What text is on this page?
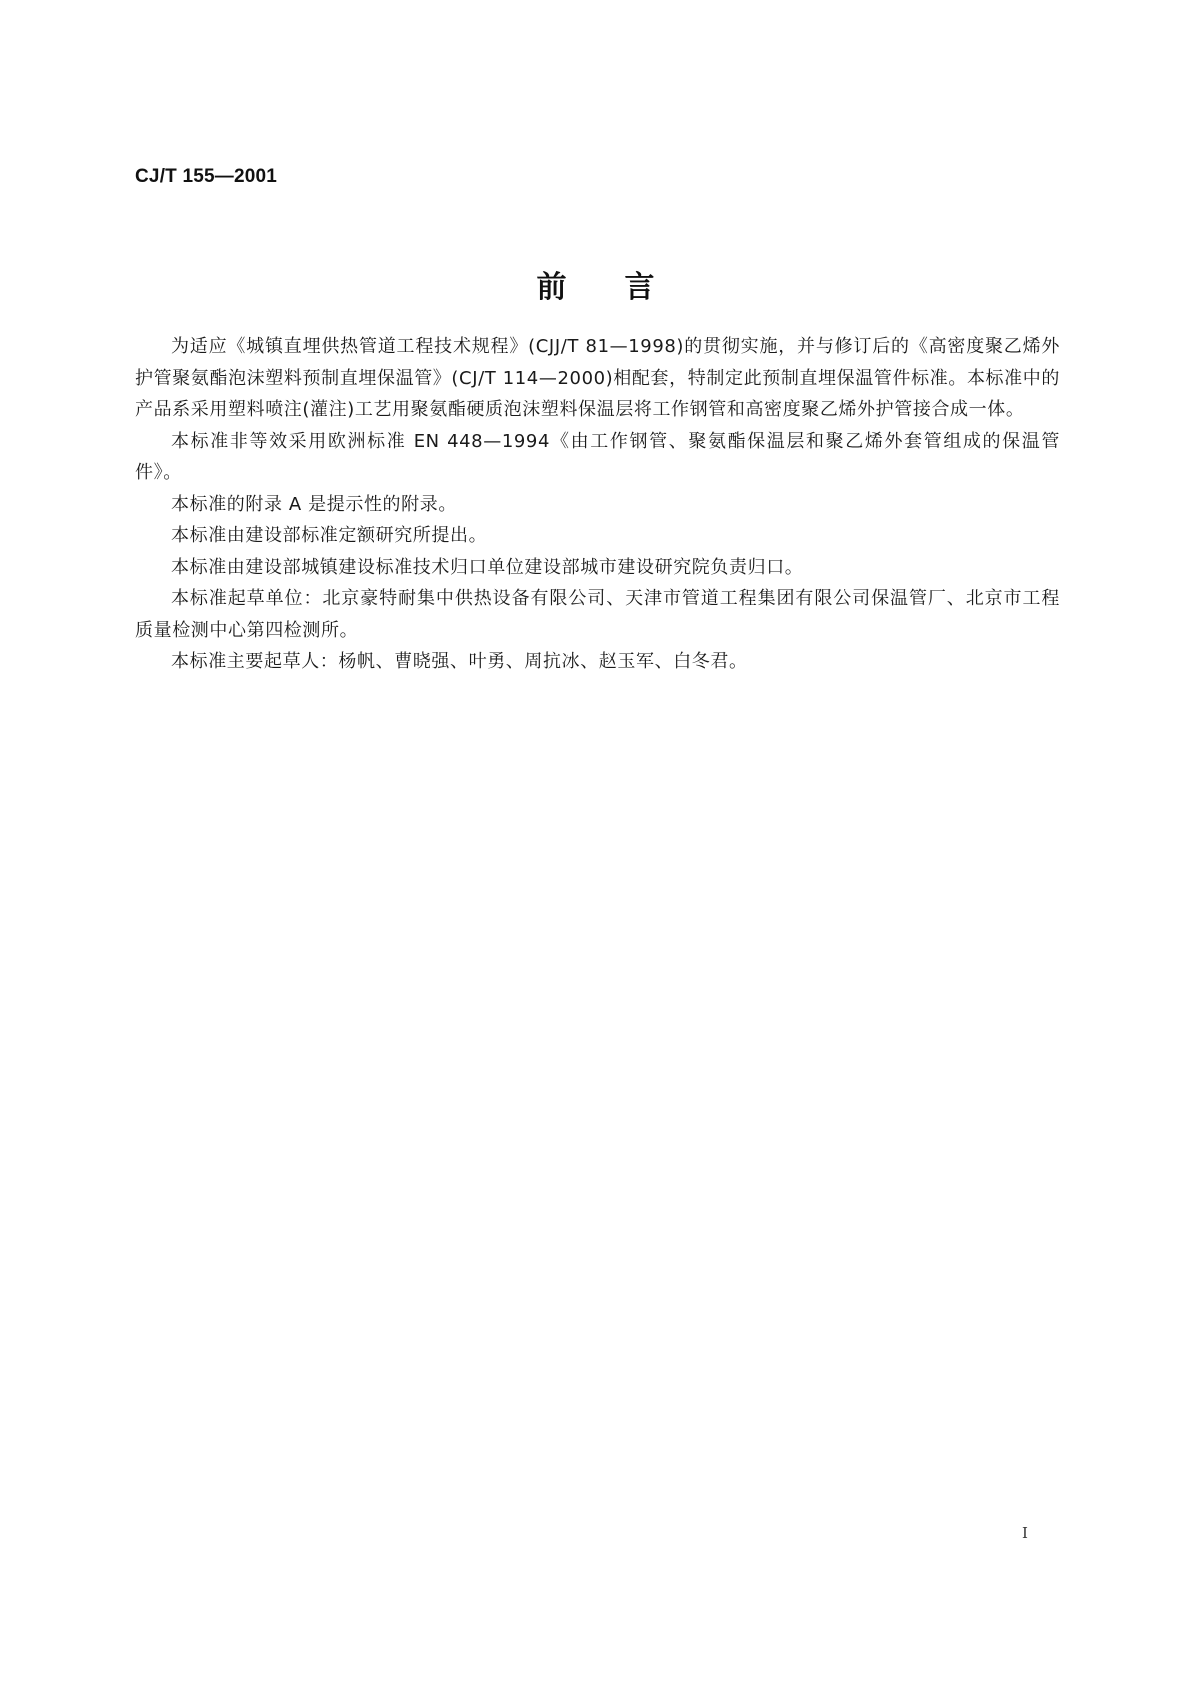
CJ/T 155—2001
前言

为适应《城镇直埋供热管道工程技术规程》(CJJ/T 81—1998)的贯彻实施，并与修订后的《高密度聚乙烯外护管聚氨酯泡沫塑料预制直埋保温管》(CJ/T 114—2000)相配套，特制定此预制直埋保温管件标准。本标准中的产品系采用塑料喷注(灌注)工艺用聚氨酯硬质泡沫塑料保温层将工作钢管和高密度聚乙烯外护管接合成一体。

本标准非等效采用欧洲标准 EN 448—1994《由工作钢管、聚氨酯保温层和聚乙烯外套管组成的保温管件》。

本标准的附录 A 是提示性的附录。

本标准由建设部标准定额研究所提出。

本标准由建设部城镇建设标准技术归口单位建设部城市建设研究院负责归口。

本标准起草单位：北京豪特耐集中供热设备有限公司、天津市管道工程集团有限公司保温管厂、北京市工程质量检测中心第四检测所。

本标准主要起草人：杨帆、曹晓强、叶勇、周抗冰、赵玉军、白冬君。

I
